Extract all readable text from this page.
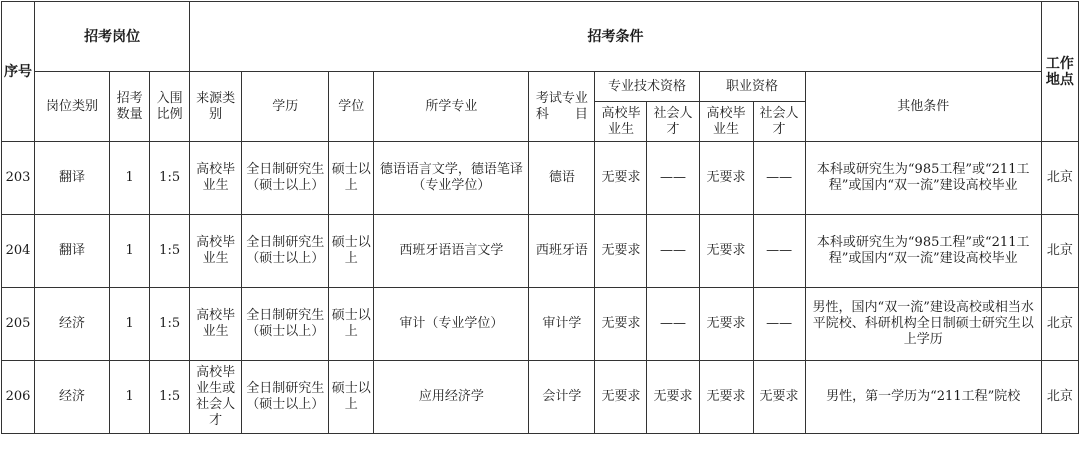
序号	招考岗位			招考条件										工作地点
	岗位类别	招考数量	入围比例	来源类别	学历	学位	所学专业	考试专业科　　目	专业技术资格		职业资格		其他条件	
									高校毕业生	社会人才	高校毕业生	社会人才		
203	翻译	1	1:5	高校毕业生	全日制研究生（硕士以上）	硕士以上	德语语言文学，德语笔译（专业学位）	德语	无要求	——	无要求	——	本科或研究生为“985工程”或“211工程”或国内“双一流”建设高校毕业	北京
204	翻译	1	1:5	高校毕业生	全日制研究生（硕士以上）	硕士以上	西班牙语语言文学	西班牙语	无要求	——	无要求	——	本科或研究生为“985工程”或“211工程”或国内“双一流”建设高校毕业	北京
205	经济	1	1:5	高校毕业生	全日制研究生（硕士以上）	硕士以上	审计（专业学位）	审计学	无要求	——	无要求	——	男性，国内“双一流”建设高校或相当水平院校、科研机构全日制硕士研究生以上学历	北京
206	经济	1	1:5	高校毕业生或社会人才	全日制研究生（硕士以上）	硕士以上	应用经济学	会计学	无要求	无要求	无要求	无要求	男性，第一学历为“211工程”院校	北京
